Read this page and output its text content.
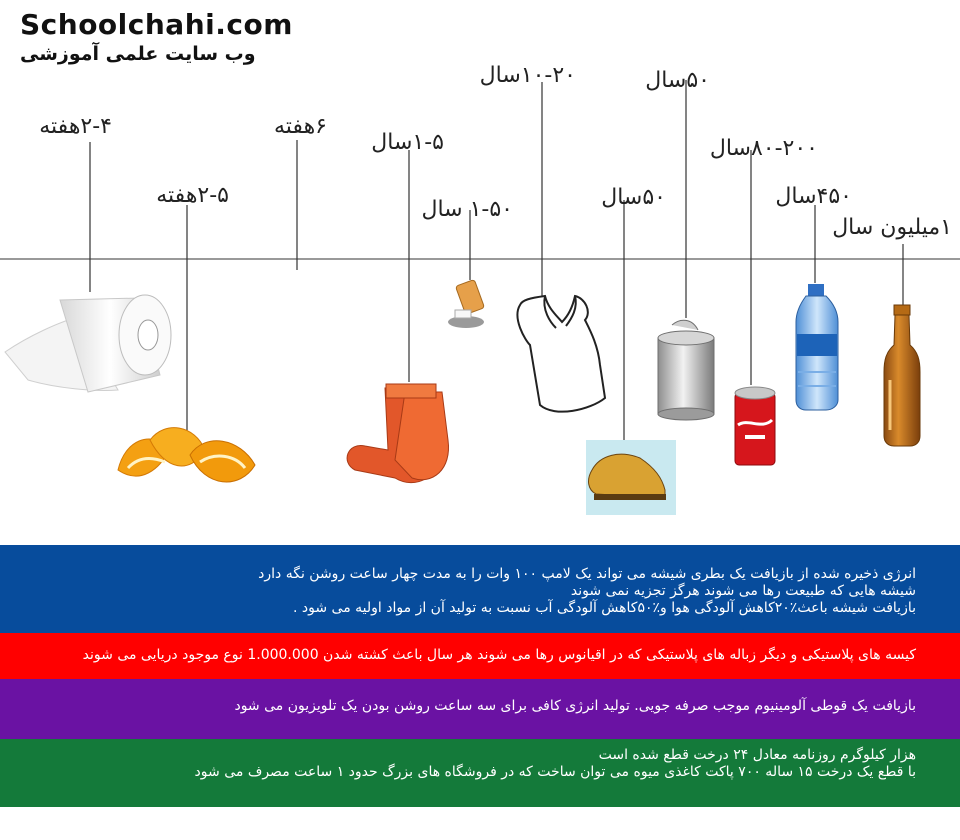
Schoolchahi.com
وب سایت علمی آموزشی
۲-۴هفته
۲-۵هفته
۶هفته
۱-۵سال
۱-۵۰ سال
۱۰-۲۰سال
۵۰سال
۵۰سال
۸۰-۲۰۰سال
۴۵۰سال
۱میلیون سال

انرژی ذخیره شده از بازیافت یک بطری شیشه می تواند یک لامپ ۱۰۰ وات را به مدت چهار ساعت روشن نگه دارد

شیشه هایی که طبیعت رها می شوند هرگز تجزیه نمی شوند

بازیافت شیشه باعث٪۲۰کاهش آلودگی هوا و٪۵۰کاهش آلودگی آب نسبت به تولید آن از مواد اولیه می شود .

کیسه های پلاستیکی و دیگر زباله های پلاستیکی که در اقیانوس رها می شوند هر سال باعث کشته شدن 1.000.000 نوع موجود دریایی می شوند

بازیافت یک قوطی آلومینیوم موجب صرفه جویی. تولید انرژی کافی برای سه ساعت روشن بودن یک تلویزیون می شود

هزار کیلوگرم روزنامه معادل ۲۴ درخت قطع شده است

با قطع یک درخت ۱۵ ساله ۷۰۰ پاکت کاغذی میوه می توان ساخت که در فروشگاه های بزرگ حدود ۱ ساعت مصرف می شود
